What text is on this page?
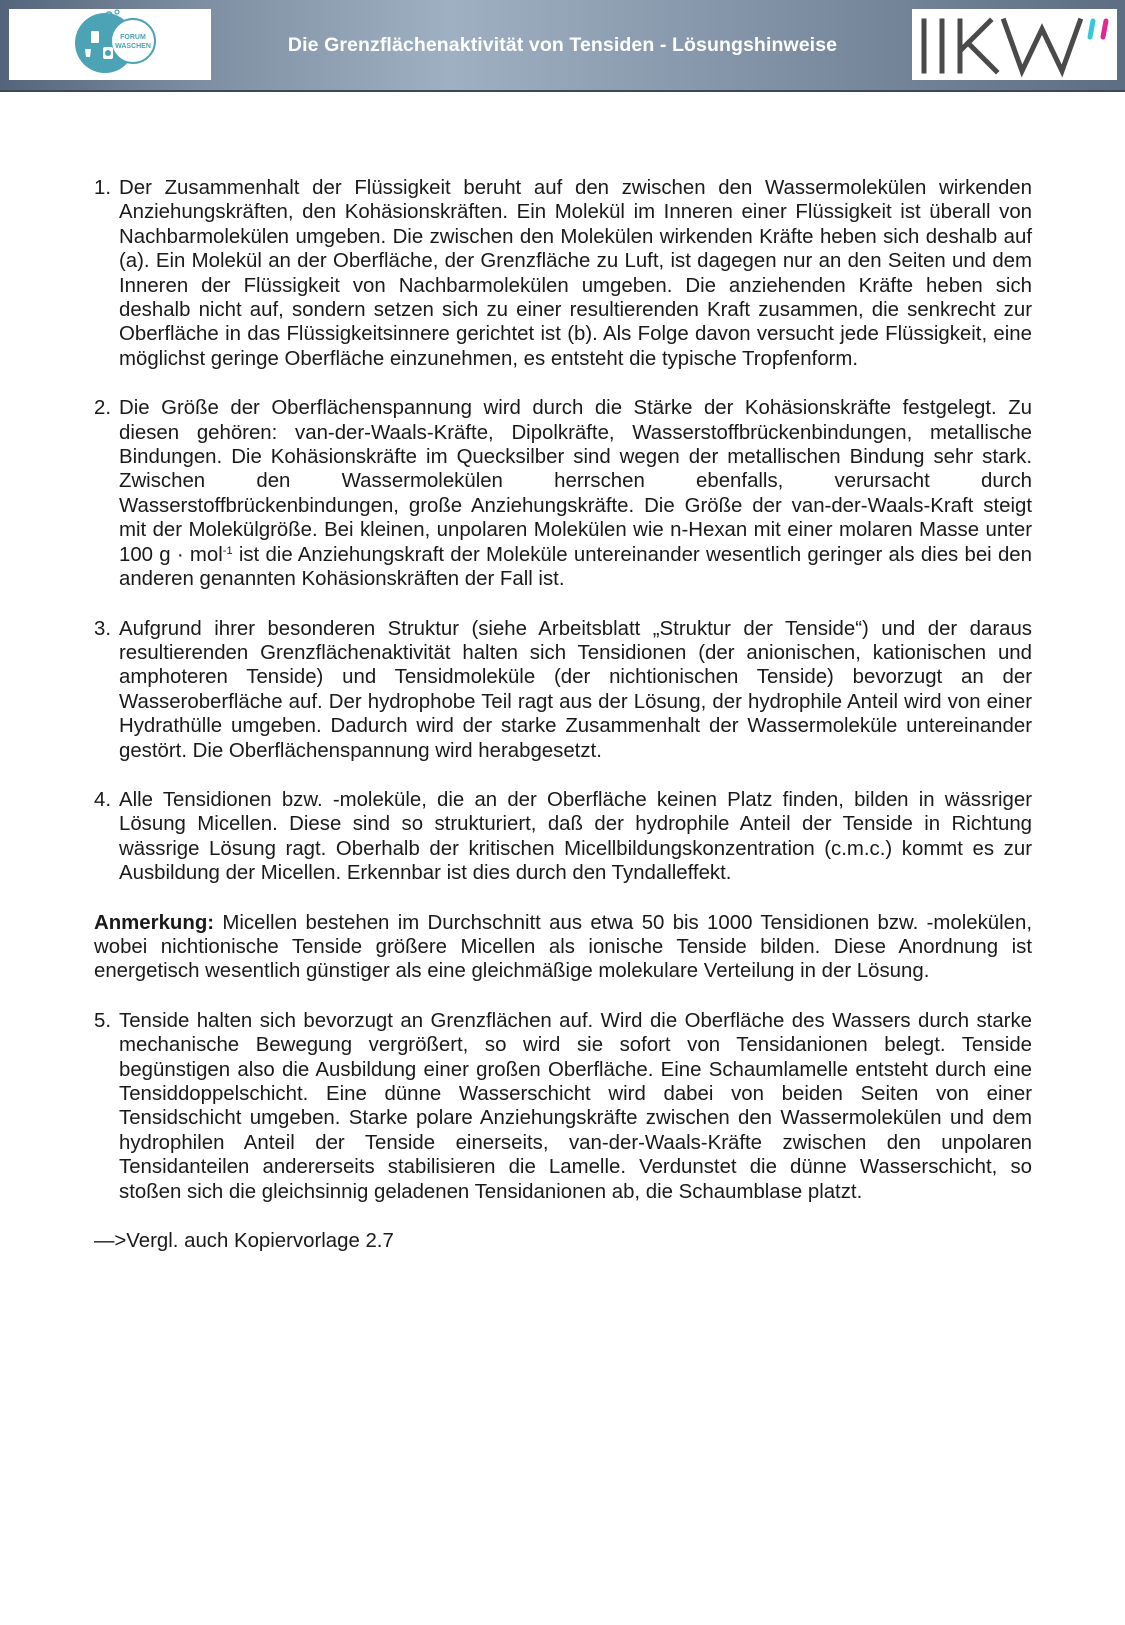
FORUM
WASCHEN	Die Grenzflächenaktivität von Tensiden - Lösungshinweise
1. Der Zusammenhalt der Flüssigkeit beruht auf den zwischen den Wassermolekülen wirkenden Anziehungskräften, den Kohäsionskräften. Ein Molekül im Inneren einer Flüssigkeit ist überall von Nachbarmolekülen umgeben. Die zwischen den Molekülen wirkenden Kräfte heben sich deshalb auf (a). Ein Molekül an der Oberfläche, der Grenzfläche zu Luft, ist dagegen nur an den Seiten und dem Inneren der Flüssigkeit von Nachbarmolekülen umgeben. Die anziehenden Kräfte heben sich deshalb nicht auf, sondern setzen sich zu einer resultierenden Kraft zusammen, die senkrecht zur Oberfläche in das Flüssigkeitsinnere gerichtet ist (b). Als Folge davon versucht jede Flüssigkeit, eine möglichst geringe Oberfläche einzunehmen, es entsteht die typische Tropfenform.
2. Die Größe der Oberflächenspannung wird durch die Stärke der Kohäsionskräfte festgelegt. Zu diesen gehören: van-der-Waals-Kräfte, Dipolkräfte, Wasserstoffbrückenbindungen, metallische Bindungen. Die Kohäsionskräfte im Quecksilber sind wegen der metallischen Bindung sehr stark. Zwischen den Wassermolekülen herrschen ebenfalls, verursacht durch Wasserstoffbrückenbindungen, große Anziehungskräfte. Die Größe der van-der-Waals-Kraft steigt mit der Molekülgröße. Bei kleinen, unpolaren Molekülen wie n-Hexan mit einer molaren Masse unter 100 g · mol$^{-1}$ ist die Anziehungskraft der Moleküle untereinander wesentlich geringer als dies bei den anderen genannten Kohäsionskräften der Fall ist.
3. Aufgrund ihrer besonderen Struktur (siehe Arbeitsblatt „Struktur der Tenside“) und der daraus resultierenden Grenzflächenaktivität halten sich Tensidionen (der anionischen, kationischen und amphoteren Tenside) und Tensidmoleküle (der nichtionischen Tenside) bevorzugt an der Wasseroberfläche auf. Der hydrophobe Teil ragt aus der Lösung, der hydrophile Anteil wird von einer Hydrathülle umgeben. Dadurch wird der starke Zusammenhalt der Wassermoleküle untereinander gestört. Die Oberflächenspannung wird herabgesetzt.
4. Alle Tensidionen bzw. -moleküle, die an der Oberfläche keinen Platz finden, bilden in wässriger Lösung Micellen. Diese sind so strukturiert, daß der hydrophile Anteil der Tenside in Richtung wässrige Lösung ragt. Oberhalb der kritischen Micellbildungskonzentration (c.m.c.) kommt es zur Ausbildung der Micellen. Erkennbar ist dies durch den Tyndalleffekt.
Anmerkung: Micellen bestehen im Durchschnitt aus etwa 50 bis 1000 Tensidionen bzw. -molekülen, wobei nichtionische Tenside größere Micellen als ionische Tenside bilden. Diese Anordnung ist energetisch wesentlich günstiger als eine gleichmäßige molekulare Verteilung in der Lösung.
5. Tenside halten sich bevorzugt an Grenzflächen auf. Wird die Oberfläche des Wassers durch starke mechanische Bewegung vergrößert, so wird sie sofort von Tensidanionen belegt. Tenside begünstigen also die Ausbildung einer großen Oberfläche. Eine Schaumlamelle entsteht durch eine Tensiddoppelschicht. Eine dünne Wasserschicht wird dabei von beiden Seiten von einer Tensidschicht umgeben. Starke polare Anziehungskräfte zwischen den Wassermolekülen und dem hydrophilen Anteil der Tenside einerseits, van-der-Waals-Kräfte zwischen den unpolaren Tensidanteilen andererseits stabilisieren die Lamelle. Verdunstet die dünne Wasserschicht, so stoßen sich die gleichsinnig geladenen Tensidanionen ab, die Schaumblase platzt.
—>Vergl. auch Kopiervorlage 2.7
